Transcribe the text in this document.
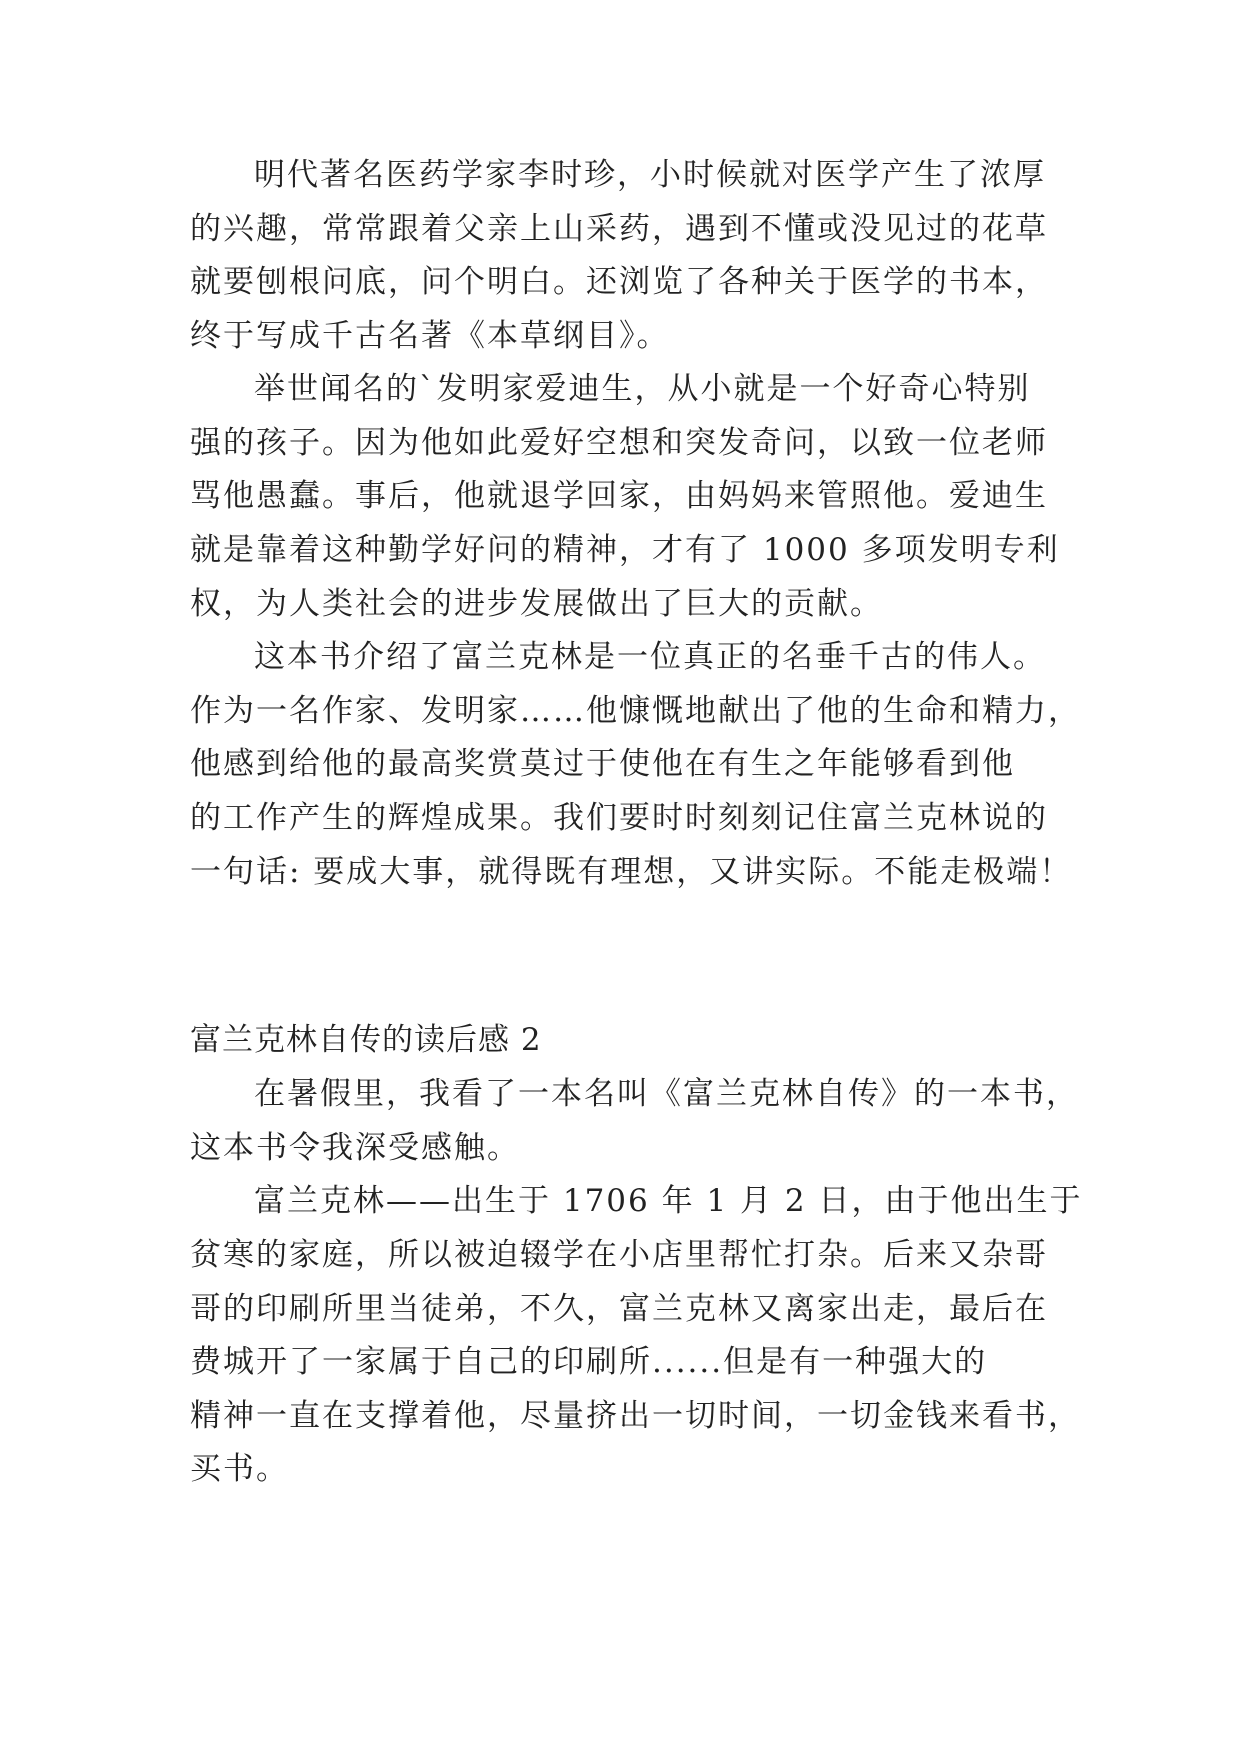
明代著名医药学家李时珍，小时候就对医学产生了浓厚
的兴趣，常常跟着父亲上山采药，遇到不懂或没见过的花草
就要刨根问底，问个明白。还浏览了各种关于医学的书本，
终于写成千古名著《本草纲目》。
举世闻名的`发明家爱迪生，从小就是一个好奇心特别
强的孩子。因为他如此爱好空想和突发奇问，以致一位老师
骂他愚蠢。事后，他就退学回家，由妈妈来管照他。爱迪生
就是靠着这种勤学好问的精神，才有了 1000 多项发明专利
权，为人类社会的进步发展做出了巨大的贡献。
这本书介绍了富兰克林是一位真正的名垂千古的伟人。
作为一名作家、发明家……他慷慨地献出了他的生命和精力，
他感到给他的最高奖赏莫过于使他在有生之年能够看到他
的工作产生的辉煌成果。我们要时时刻刻记住富兰克林说的
一句话: 要成大事，就得既有理想，又讲实际。不能走极端！
富兰克林自传的读后感 2
在暑假里，我看了一本名叫《富兰克林自传》的一本书，
这本书令我深受感触。
富兰克林——出生于 1706 年 1 月 2 日，由于他出生于
贫寒的家庭，所以被迫辍学在小店里帮忙打杂。后来又杂哥
哥的印刷所里当徒弟，不久，富兰克林又离家出走，最后在
费城开了一家属于自己的印刷所......但是有一种强大的
精神一直在支撑着他，尽量挤出一切时间，一切金钱来看书，
买书。
